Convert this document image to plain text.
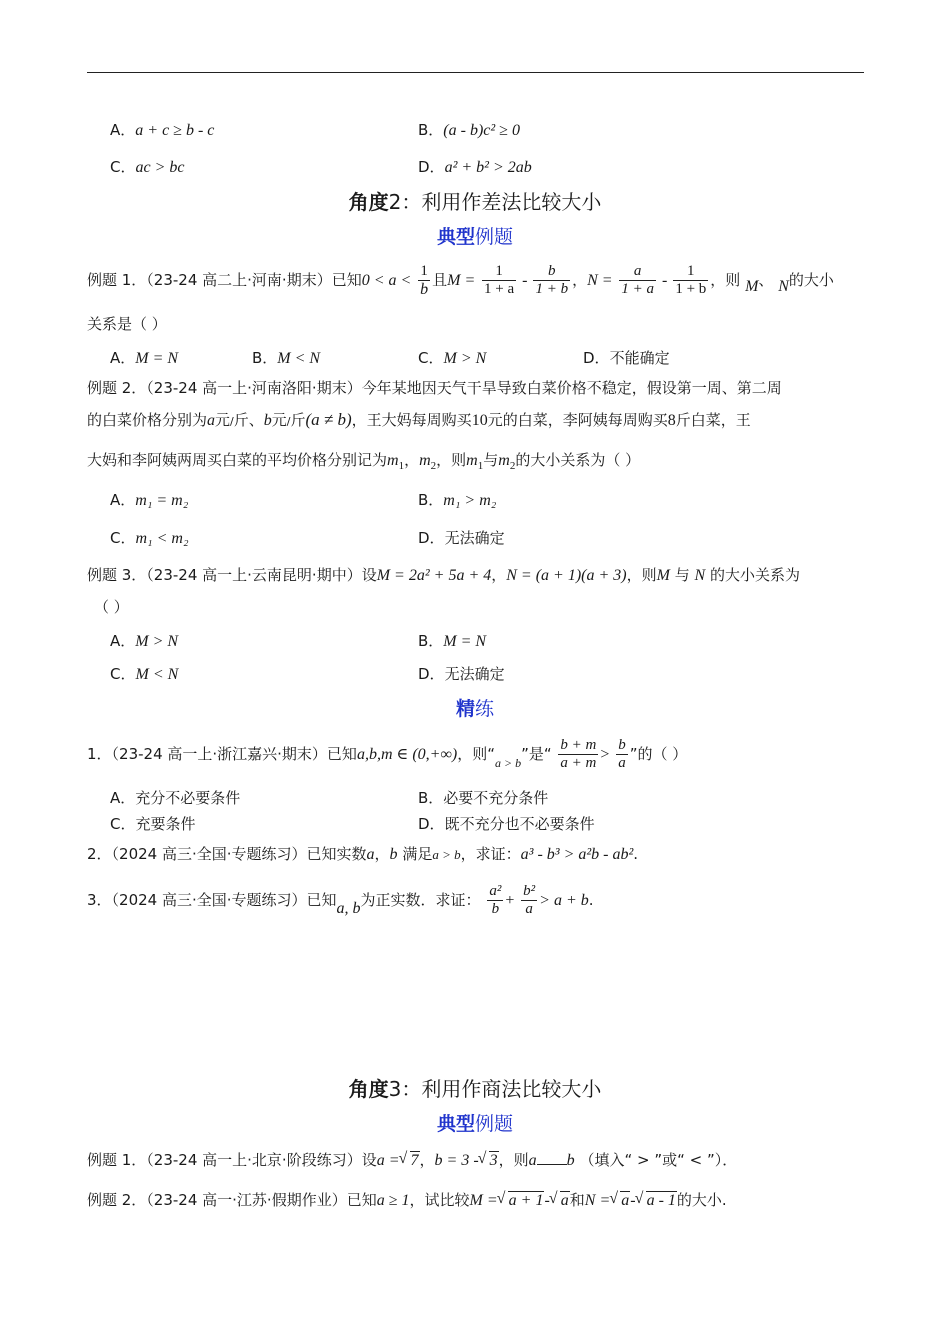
A．a + c ≥ b - c	B．(a - b)c² ≥ 0
C．ac > bc	D．a² + b² > 2ab
角度2：利用作差法比较大小
典型例题
例题 1．（23-24 高二上·河南·期末）已知$0 < a < \frac{1}{b}$ 且$M = \frac{1}{1 + a} - \frac{b}{1 + b}$ ，$N = \frac{a}{1 + a} - \frac{1}{1 + b}$ ，则 M、 N的大小
关系是（ ）
A．M = N	B．M < N	C．M > N	D．不能确定
例题 2．（23-24 高一上·河南洛阳·期末）今年某地因天气干旱导致白菜价格不稳定，假设第一周、第二周
的白菜价格分别为a元/斤、b元/斤(a ≠ b)，王大妈每周购买10元的白菜，李阿姨每周购买8斤白菜，王
大妈和李阿姨两周买白菜的平均价格分别记为$m_1$，$m_2$，则$m_1$与$m_2$的大小关系为（ ）
A．m₁ = m₂	B．m₁ > m₂
C．m₁ < m₂	D．无法确定
例题 3．（23-24 高一上·云南昆明·期中）设M = 2a² + 5a + 4，N = (a + 1)(a + 3)，则M 与 N 的大小关系为
（ ）
A．M > N	B．M = N
C．M < N	D．无法确定
精练
1．（23-24 高一上·浙江嘉兴·期末）已知a,b,m ∈ (0,+∞)，则“$_{a > b}$”是“ $\frac{b + m}{a + m} > \frac{b}{a}$ ”的（ ）
A．充分不必要条件	B．必要不充分条件
C．充要条件	D．既不充分也不必要条件
2．（2024 高三·全国·专题练习）已知实数a，b 满足a > b，求证：a³ - b³ > a²b - ab².
3．（2024 高三·全国·专题练习）已知a, b为正实数．求证： $\frac{\text{a²}}{b} + \frac{\text{b²}}{a} > a + b$.
角度3：利用作商法比较大小
典型例题
例题 1．（23-24 高一上·北京·阶段练习）设a = √ 7，b = 3 - √ 3，则a b （填入“ > ”或“ < ”）．
例题 2．（23-24 高一·江苏·假期作业）已知a ≥ 1，试比较M = √ a + 1- √ a和N = √ a- √ a - 1的大小.
